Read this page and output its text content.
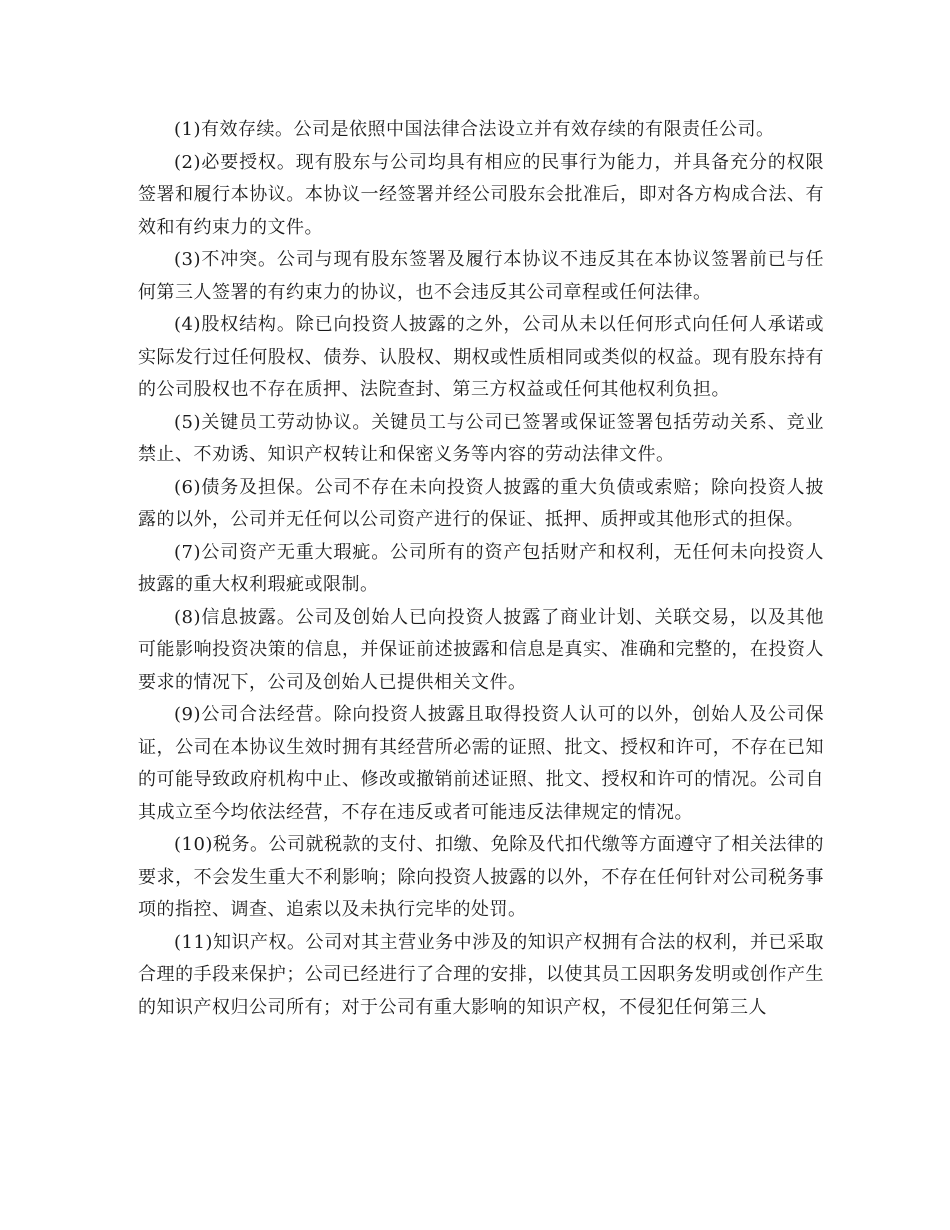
(1)有效存续。公司是依照中国法律合法设立并有效存续的有限责任公司。

(2)必要授权。现有股东与公司均具有相应的民事行为能力，并具备充分的权限签署和履行本协议。本协议一经签署并经公司股东会批准后，即对各方构成合法、有效和有约束力的文件。

(3)不冲突。公司与现有股东签署及履行本协议不违反其在本协议签署前已与任何第三人签署的有约束力的协议，也不会违反其公司章程或任何法律。

(4)股权结构。除已向投资人披露的之外，公司从未以任何形式向任何人承诺或实际发行过任何股权、债券、认股权、期权或性质相同或类似的权益。现有股东持有的公司股权也不存在质押、法院查封、第三方权益或任何其他权利负担。

(5)关键员工劳动协议。关键员工与公司已签署或保证签署包括劳动关系、竞业禁止、不劝诱、知识产权转让和保密义务等内容的劳动法律文件。

(6)债务及担保。公司不存在未向投资人披露的重大负债或索赔；除向投资人披露的以外，公司并无任何以公司资产进行的保证、抵押、质押或其他形式的担保。

(7)公司资产无重大瑕疵。公司所有的资产包括财产和权利，无任何未向投资人披露的重大权利瑕疵或限制。

(8)信息披露。公司及创始人已向投资人披露了商业计划、关联交易，以及其他可能影响投资决策的信息，并保证前述披露和信息是真实、准确和完整的，在投资人要求的情况下，公司及创始人已提供相关文件。

(9)公司合法经营。除向投资人披露且取得投资人认可的以外，创始人及公司保证，公司在本协议生效时拥有其经营所必需的证照、批文、授权和许可，不存在已知的可能导致政府机构中止、修改或撤销前述证照、批文、授权和许可的情况。公司自其成立至今均依法经营，不存在违反或者可能违反法律规定的情况。

(10)税务。公司就税款的支付、扣缴、免除及代扣代缴等方面遵守了相关法律的要求，不会发生重大不利影响；除向投资人披露的以外，不存在任何针对公司税务事项的指控、调查、追索以及未执行完毕的处罚。

(11)知识产权。公司对其主营业务中涉及的知识产权拥有合法的权利，并已采取合理的手段来保护；公司已经进行了合理的安排，以使其员工因职务发明或创作产生的知识产权归公司所有；对于公司有重大影响的知识产权，不侵犯任何第三人
